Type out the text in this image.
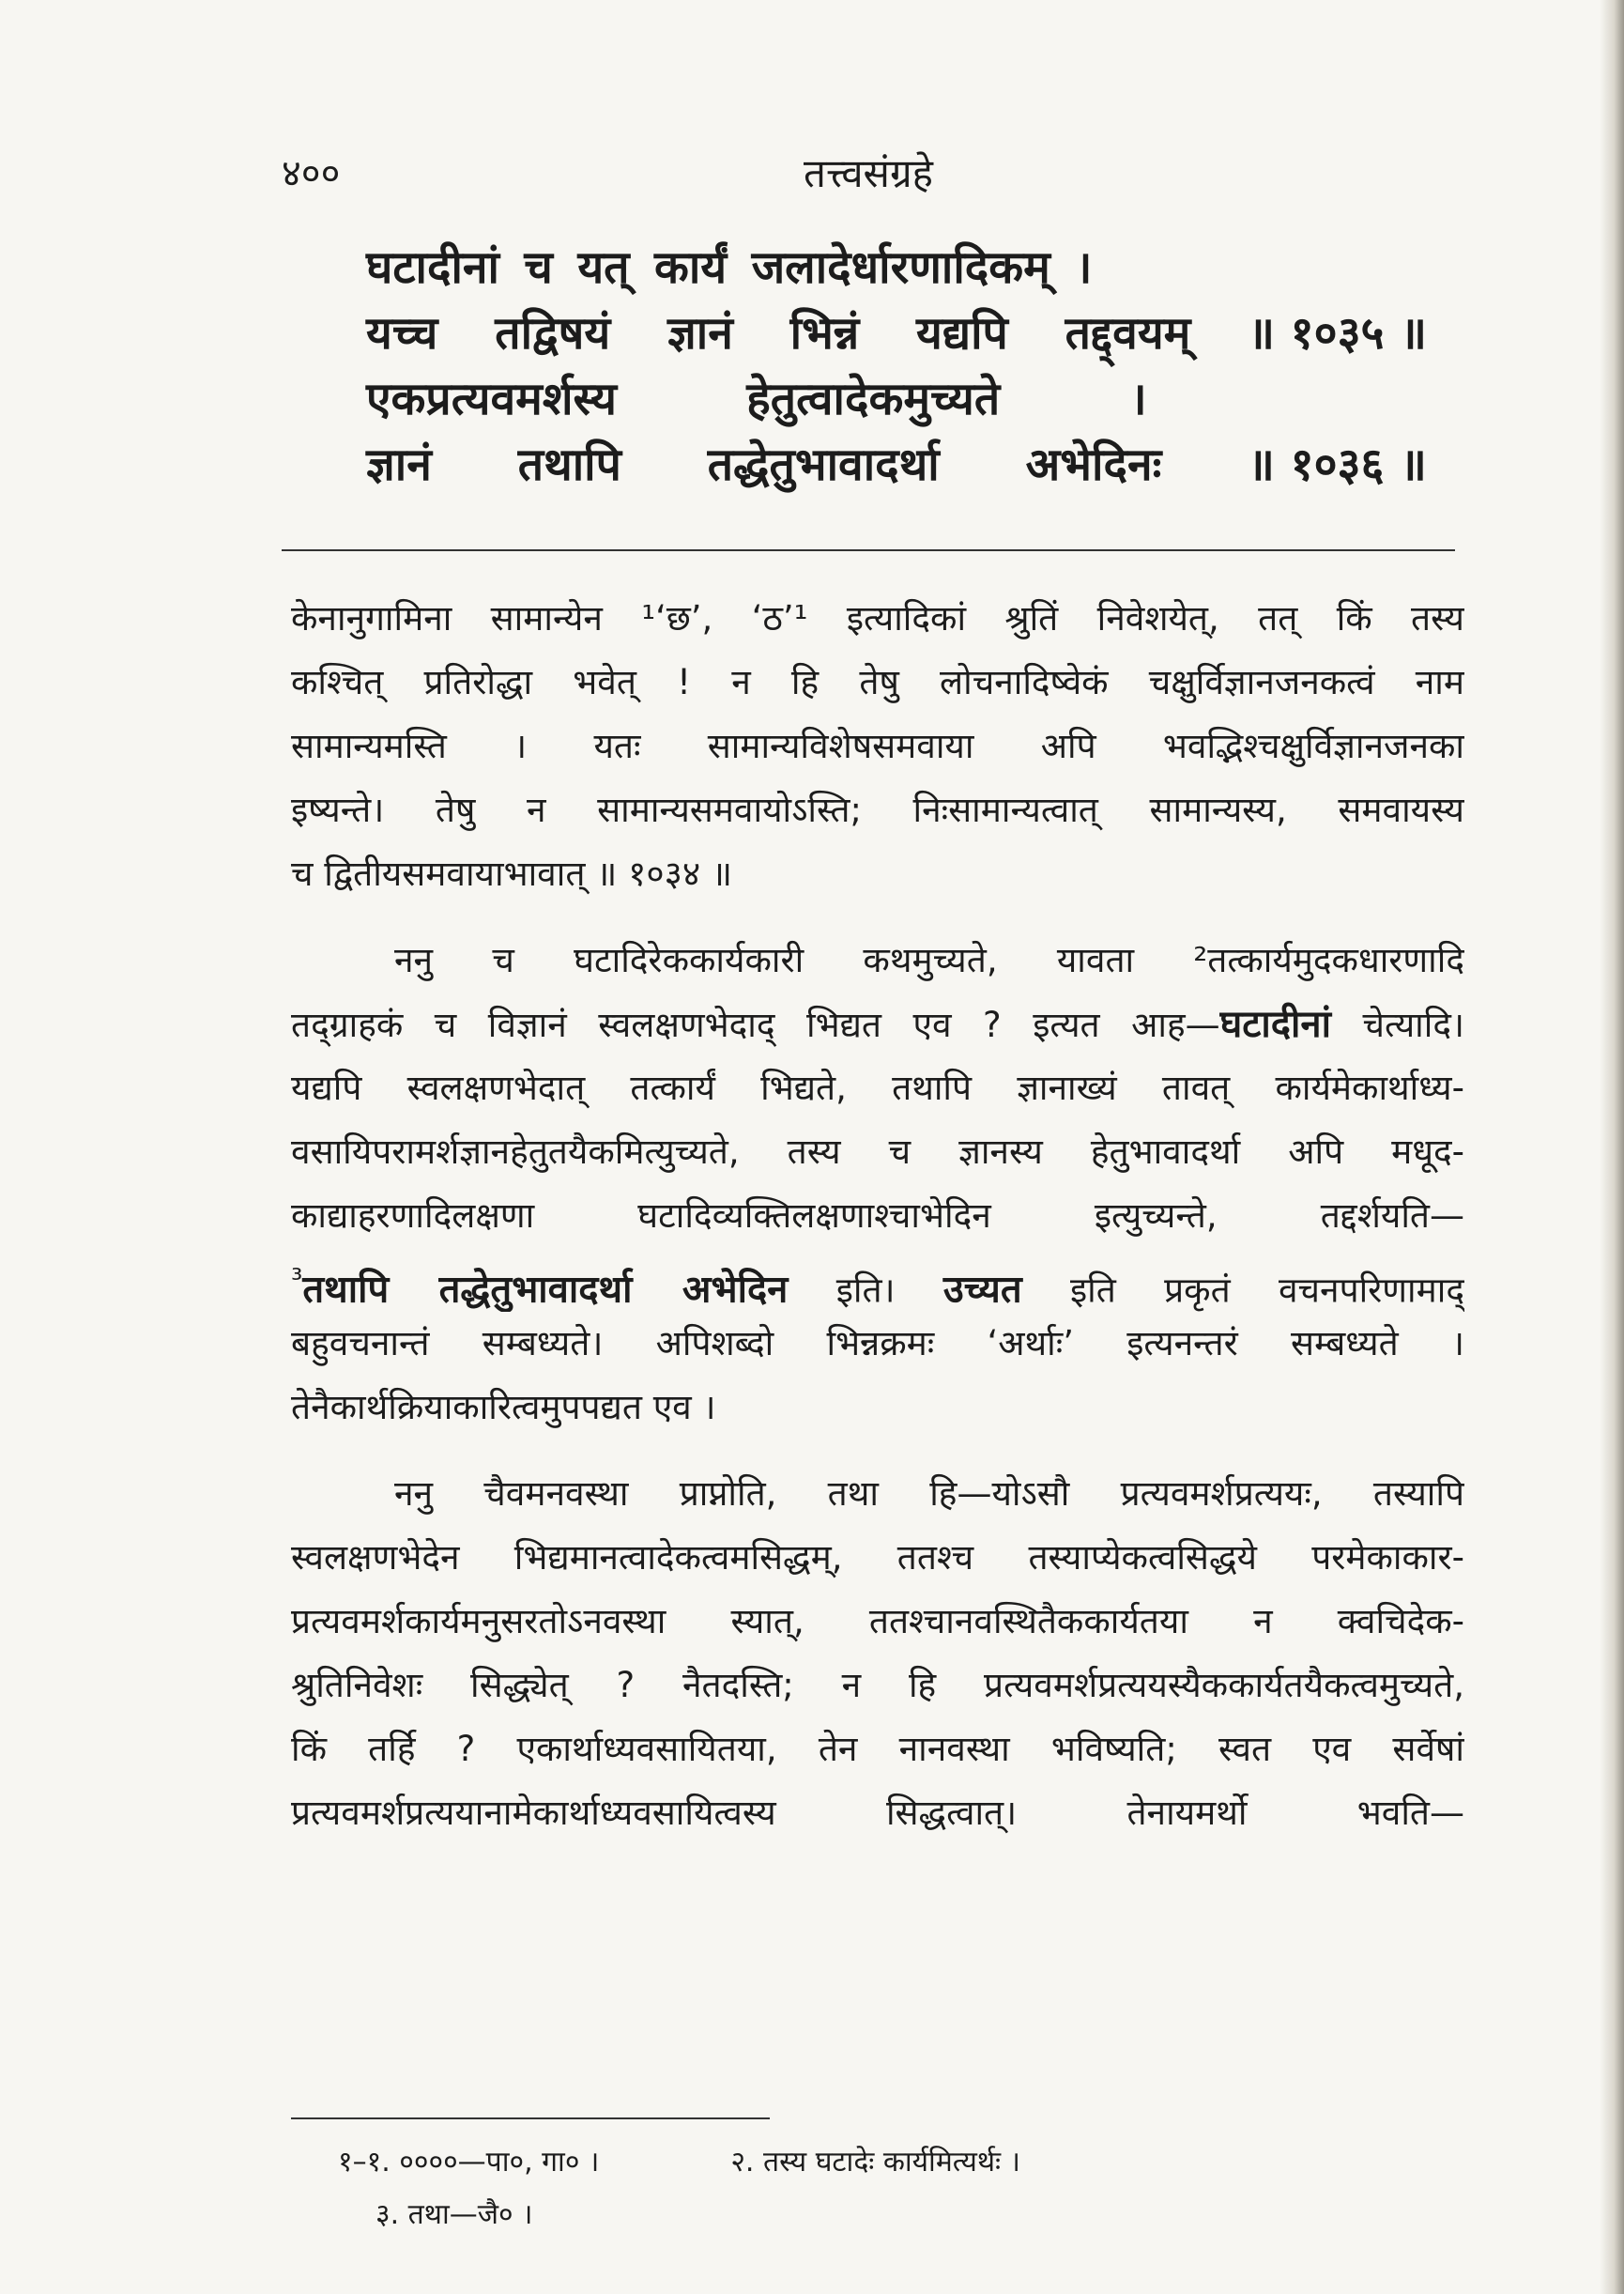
४००	तत्त्वसंग्रहे
घटादीनां च यत् कार्यं जलादेर्धारणादिकम् ।
यच्च तद्विषयं ज्ञानं भिन्नं यद्यपि तद्द्वयम् ॥ १०३५ ॥
एकप्रत्यवमर्शस्य	हेतुत्वादेकमुच्यते	।
ज्ञानं तथापि तद्धेतुभावादर्था अभेदिनः ॥ १०३६ ॥
केनानुगामिना सामान्येन ¹‘छ’, ‘ठ’¹ इत्यादिकां श्रुतिं निवेशयेत्, तत् किं तस्य
कश्चित् प्रतिरोद्धा भवेत् ! न हि तेषु लोचनादिष्वेकं चक्षुर्विज्ञानजनकत्वं नाम
सामान्यमस्ति । यतः सामान्यविशेषसमवाया अपि भवद्भिश्चक्षुर्विज्ञानजनका
इष्यन्ते। तेषु न सामान्यसमवायोऽस्ति; निःसामान्यत्वात् सामान्यस्य, समवायस्य
च द्वितीयसमवायाभावात् ॥ १०३४ ॥
ननु च घटादिरेककार्यकारी कथमुच्यते, यावता ²तत्कार्यमुदकधारणादि
तद्ग्राहकं च विज्ञानं स्वलक्षणभेदाद् भिद्यत एव ? इत्यत आह—घटादीनां चेत्यादि।
यद्यपि स्वलक्षणभेदात् तत्कार्यं भिद्यते, तथापि ज्ञानाख्यं तावत् कार्यमेकार्थाध्य-
वसायिपरामर्शज्ञानहेतुतयैकमित्युच्यते, तस्य च ज्ञानस्य हेतुभावादर्था अपि मधूद-
काद्याहरणादिलक्षणा घटादिव्यक्तिलक्षणाश्चाभेदिन इत्युच्यन्ते, तद्दर्शयति—
$^{^3}$तथापि तद्धेतुभावादर्था अभेदिन इति। उच्यत इति प्रकृतं वचनपरिणामाद्
बहुवचनान्तं सम्बध्यते। अपिशब्दो भिन्नक्रमः ‘अर्थाः’ इत्यनन्तरं सम्बध्यते ।
तेनैकार्थक्रियाकारित्वमुपपद्यत एव ।
ननु चैवमनवस्था प्राप्नोति, तथा हि—योऽसौ प्रत्यवमर्शप्रत्ययः, तस्यापि
स्वलक्षणभेदेन भिद्यमानत्वादेकत्वमसिद्धम्, ततश्च तस्याप्येकत्वसिद्धये परमेकाकार-
प्रत्यवमर्शकार्यमनुसरतोऽनवस्था स्यात्, ततश्चानवस्थितैककार्यतया न क्वचिदेक-
श्रुतिनिवेशः सिद्ध्येत् ? नैतदस्ति; न हि प्रत्यवमर्शप्रत्ययस्यैककार्यतयैकत्वमुच्यते,
किं तर्हि ? एकार्थाध्यवसायितया, तेन नानवस्था भविष्यति; स्वत एव सर्वेषां
प्रत्यवमर्शप्रत्ययानामेकार्थाध्यवसायित्वस्य सिद्धत्वात्। तेनायमर्थो भवति—
१–१. ००००—पा०, गा० ।	२. तस्य घटादेः कार्यमित्यर्थः ।
३. तथा—जै० ।
